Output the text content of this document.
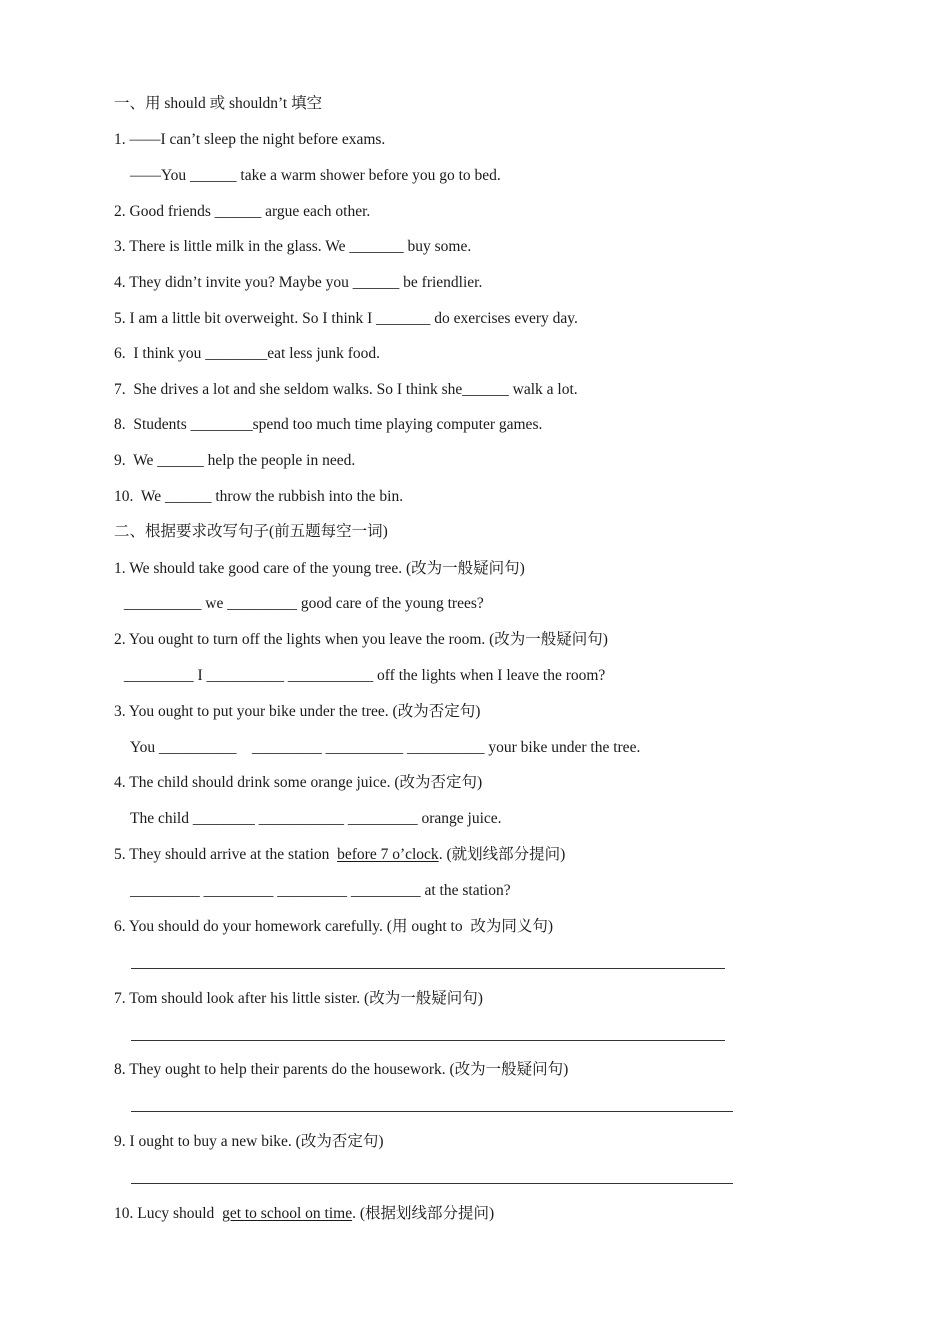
一、用 should 或 shouldn’t 填空
1. ——I can’t sleep the night before exams.
——You ______ take a warm shower before you go to bed.
2. Good friends ______ argue each other.
3. There is little milk in the glass. We _______ buy some.
4. They didn’t invite you? Maybe you ______ be friendlier.
5. I am a little bit overweight. So I think I _______ do exercises every day.
6.  I think you ________eat less junk food.
7.  She drives a lot and she seldom walks. So I think she______ walk a lot.
8.  Students ________spend too much time playing computer games.
9.  We ______ help the people in need.
10.  We ______ throw the rubbish into the bin.
二、根据要求改写句子(前五题每空一词)
1. We should take good care of the young tree. (改为一般疑问句)
__________ we _________ good care of the young trees?
2. You ought to turn off the lights when you leave the room. (改为一般疑问句)
_________ I __________ ___________ off the lights when I leave the room?
3. You ought to put your bike under the tree. (改为否定句)
You __________    _________ __________ __________ your bike under the tree.
4. The child should drink some orange juice. (改为否定句)
The child ________ ___________ _________ orange juice.
5. They should arrive at the station  before 7 o’clock. (就划线部分提问)
_________ _________ _________ _________ at the station?
6. You should do your homework carefully. (用 ought to  改为同义句)
7. Tom should look after his little sister. (改为一般疑问句)
8. They ought to help their parents do the housework. (改为一般疑问句)
9. I ought to buy a new bike. (改为否定句)
10. Lucy should  get to school on time. (根据划线部分提问)
